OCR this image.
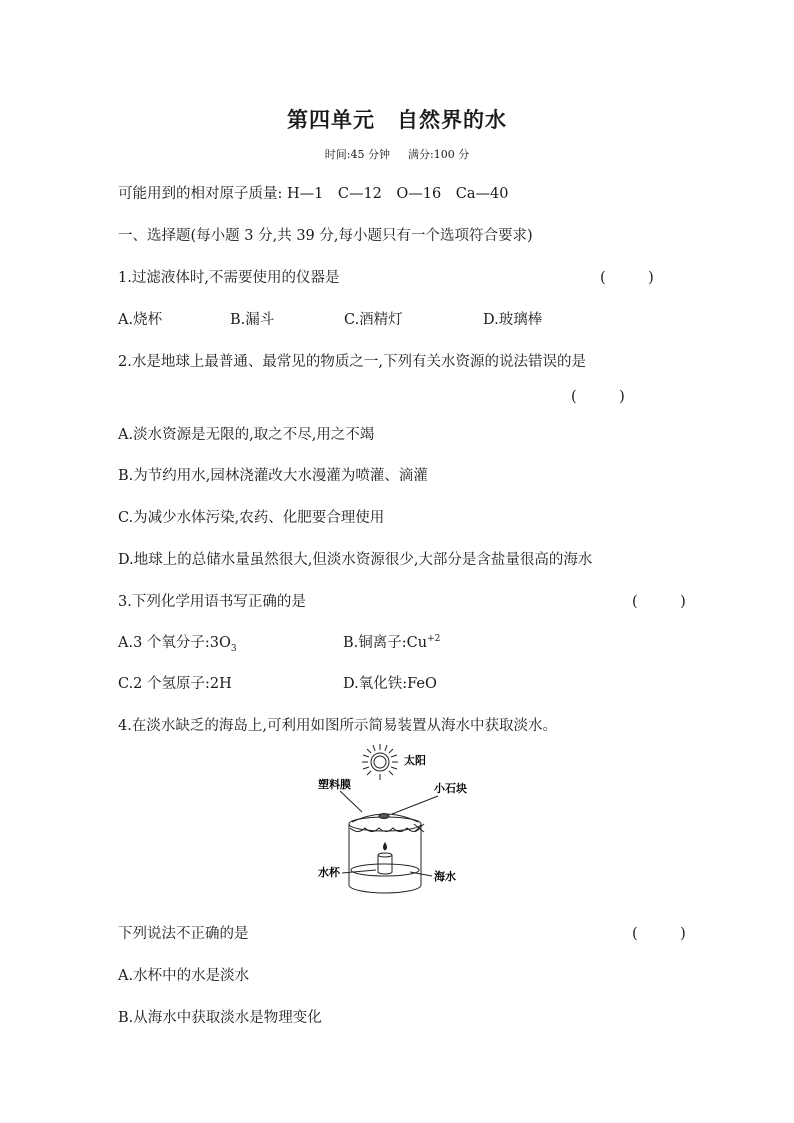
第四单元 自然界的水
时间:45 分钟 满分:100 分
可能用到的相对原子质量: H—1　C—12　O—16　Ca—40
一、选择题(每小题 3 分,共 39 分,每小题只有一个选项符合要求)
1.过滤液体时,不需要使用的仪器是	(　)
A.烧杯	B.漏斗	C.酒精灯	D.玻璃棒
2.水是地球上最普通、最常见的物质之一,下列有关水资源的说法错误的是
(　)
A.淡水资源是无限的,取之不尽,用之不竭
B.为节约用水,园林浇灌改大水漫灌为喷灌、滴灌
C.为减少水体污染,农药、化肥要合理使用
D.地球上的总储水量虽然很大,但淡水资源很少,大部分是含盐量很高的海水
3.下列化学用语书写正确的是	(　)
A.3 个氧分子$:3O_3$	B.铜离子$:Cu^{+2}$
C.2 个氢原子:2H	D.氧化铁:FeO
4.在淡水缺乏的海岛上,可利用如图所示简易装置从海水中获取淡水。
太阳
塑料膜	小石块
水杯	海水
下列说法不正确的是	(　)
A.水杯中的水是淡水
B.从海水中获取淡水是物理变化
